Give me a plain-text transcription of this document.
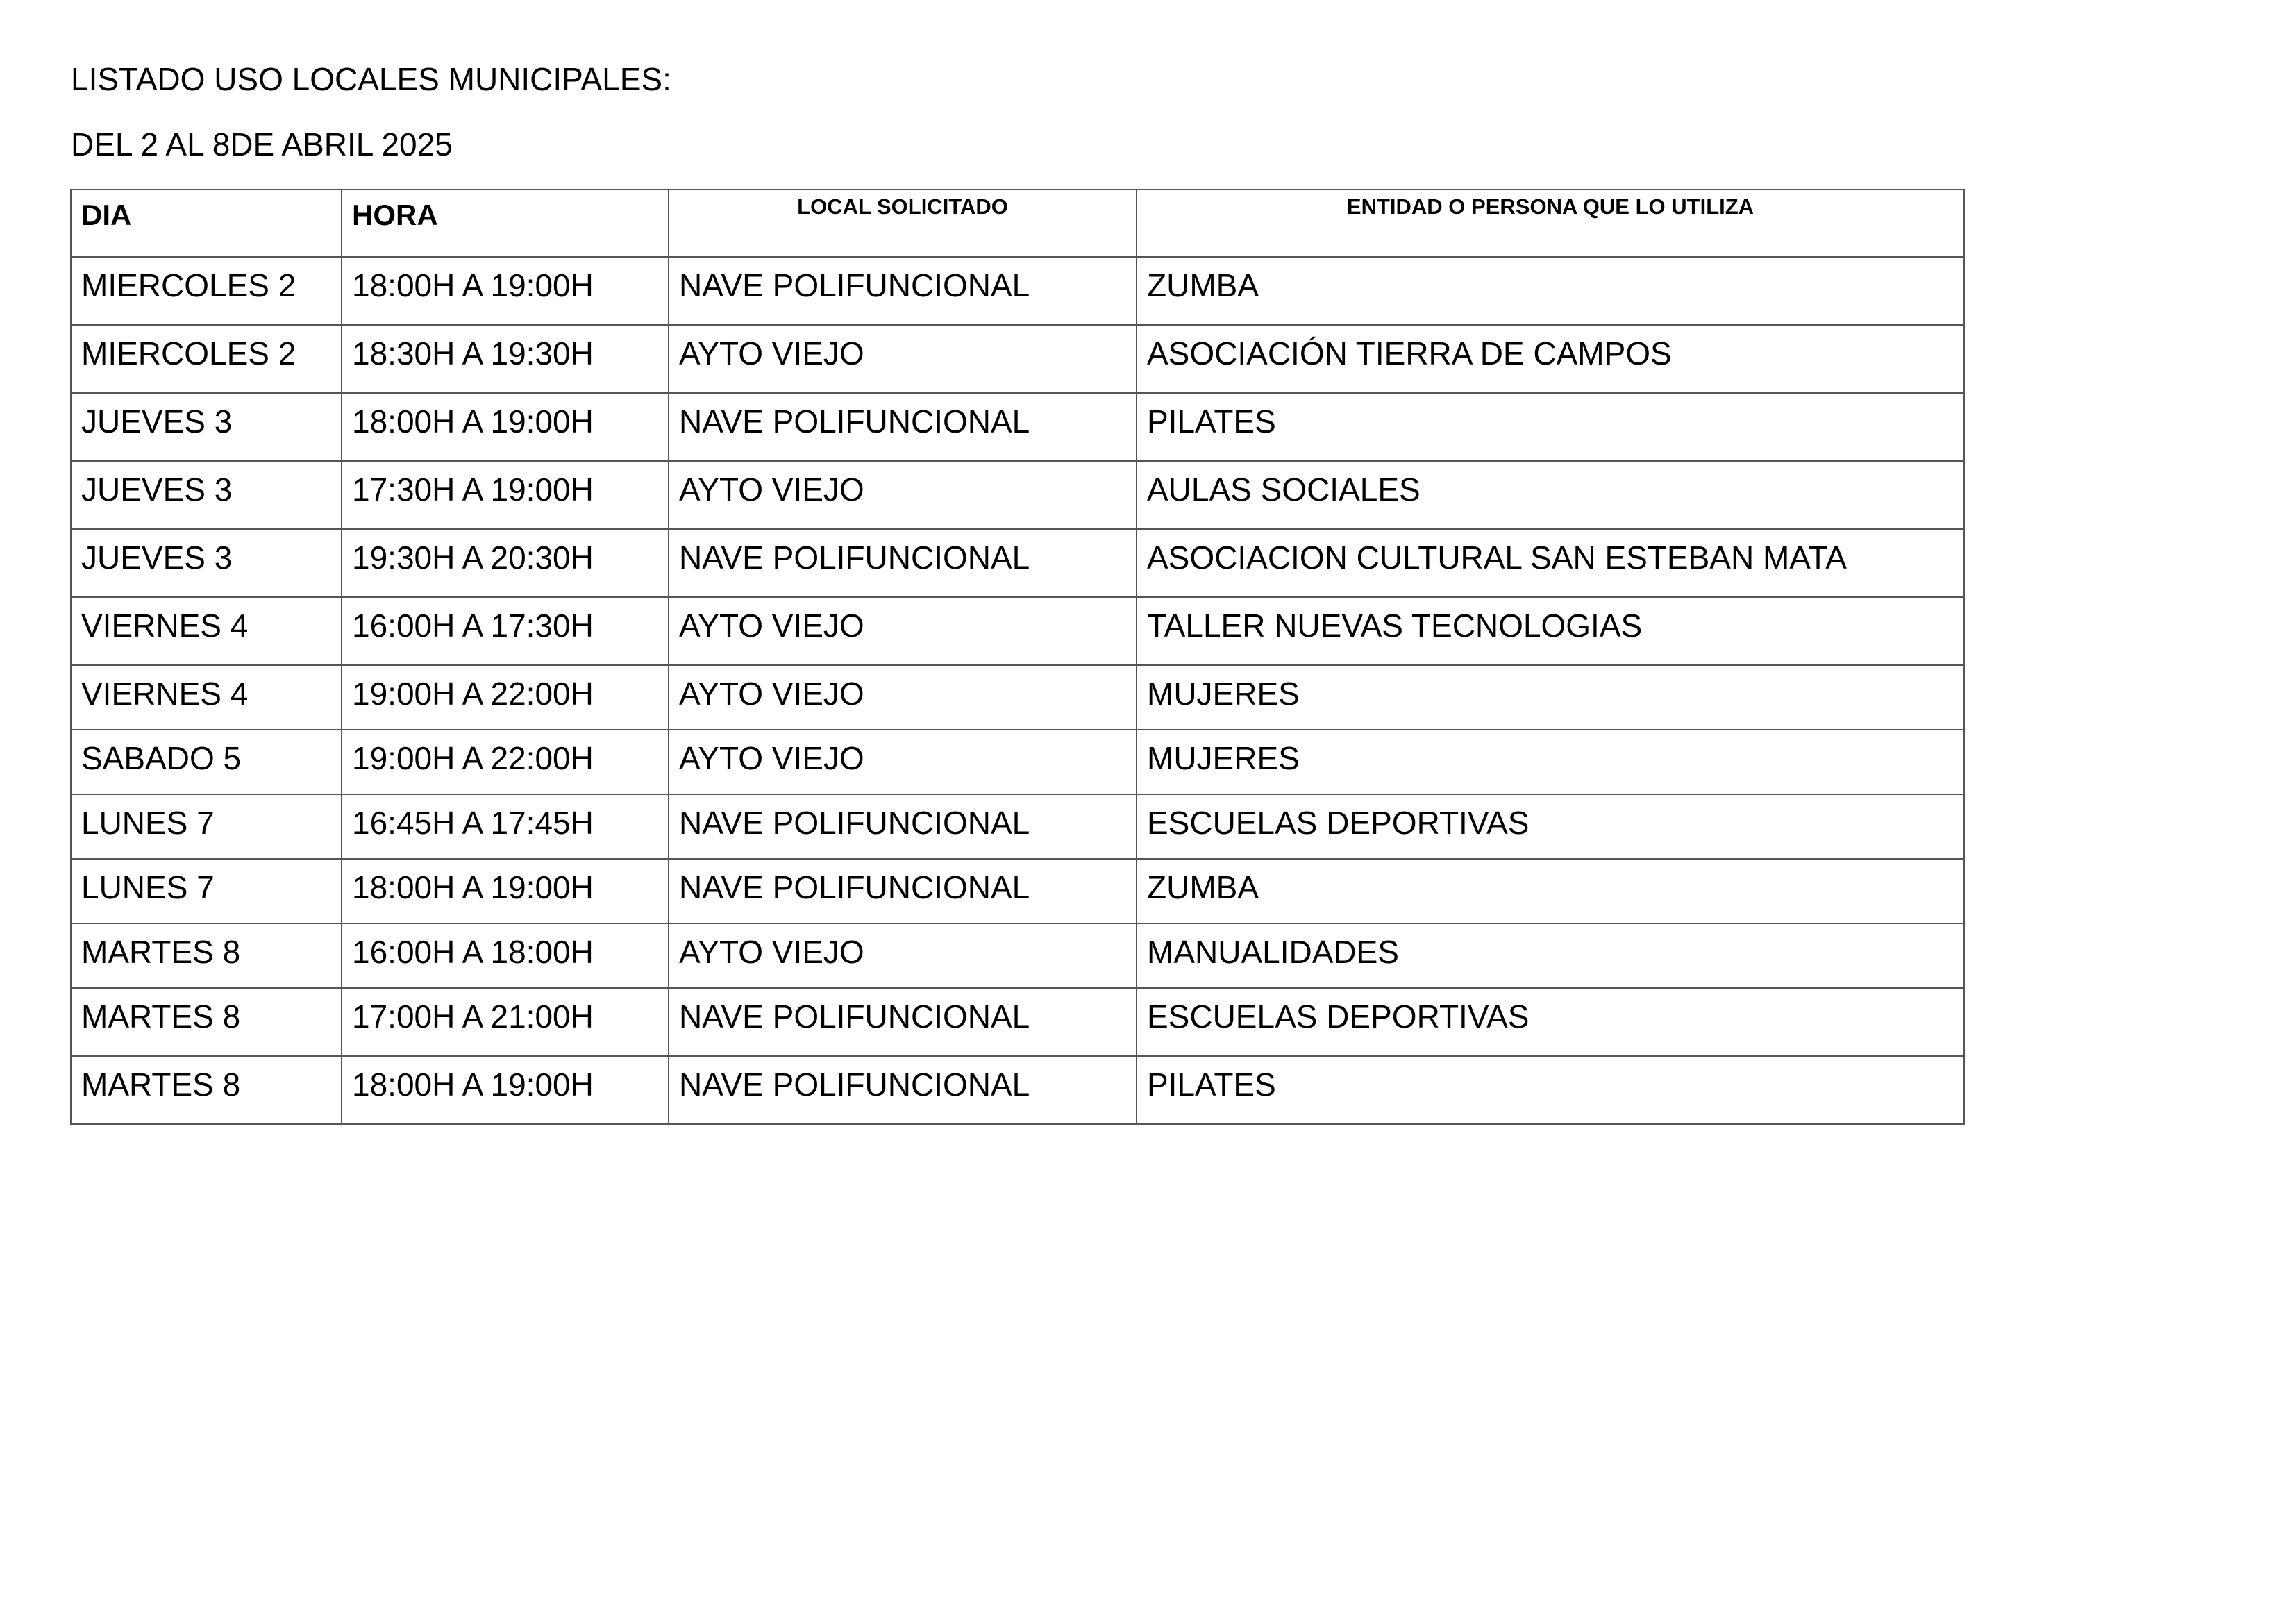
LISTADO USO LOCALES MUNICIPALES:
DEL 2 AL 8DE ABRIL 2025
DIA	HORA	LOCAL SOLICITADO	ENTIDAD O PERSONA QUE LO UTILIZA
MIERCOLES 2	18:00H A 19:00H	NAVE POLIFUNCIONAL	ZUMBA
MIERCOLES 2	18:30H A 19:30H	AYTO VIEJO	ASOCIACIÓN TIERRA DE CAMPOS
JUEVES 3	18:00H A 19:00H	NAVE POLIFUNCIONAL	PILATES
JUEVES 3	17:30H A 19:00H	AYTO VIEJO	AULAS SOCIALES
JUEVES 3	19:30H A 20:30H	NAVE POLIFUNCIONAL	ASOCIACION CULTURAL SAN ESTEBAN MATA
VIERNES 4	16:00H A 17:30H	AYTO VIEJO	TALLER NUEVAS TECNOLOGIAS
VIERNES 4	19:00H A 22:00H	AYTO VIEJO	MUJERES
SABADO 5	19:00H A 22:00H	AYTO VIEJO	MUJERES
LUNES 7	16:45H A 17:45H	NAVE POLIFUNCIONAL	ESCUELAS DEPORTIVAS
LUNES 7	18:00H A 19:00H	NAVE POLIFUNCIONAL	ZUMBA
MARTES 8	16:00H A 18:00H	AYTO VIEJO	MANUALIDADES
MARTES 8	17:00H A 21:00H	NAVE POLIFUNCIONAL	ESCUELAS DEPORTIVAS
MARTES 8	18:00H A 19:00H	NAVE POLIFUNCIONAL	PILATES
